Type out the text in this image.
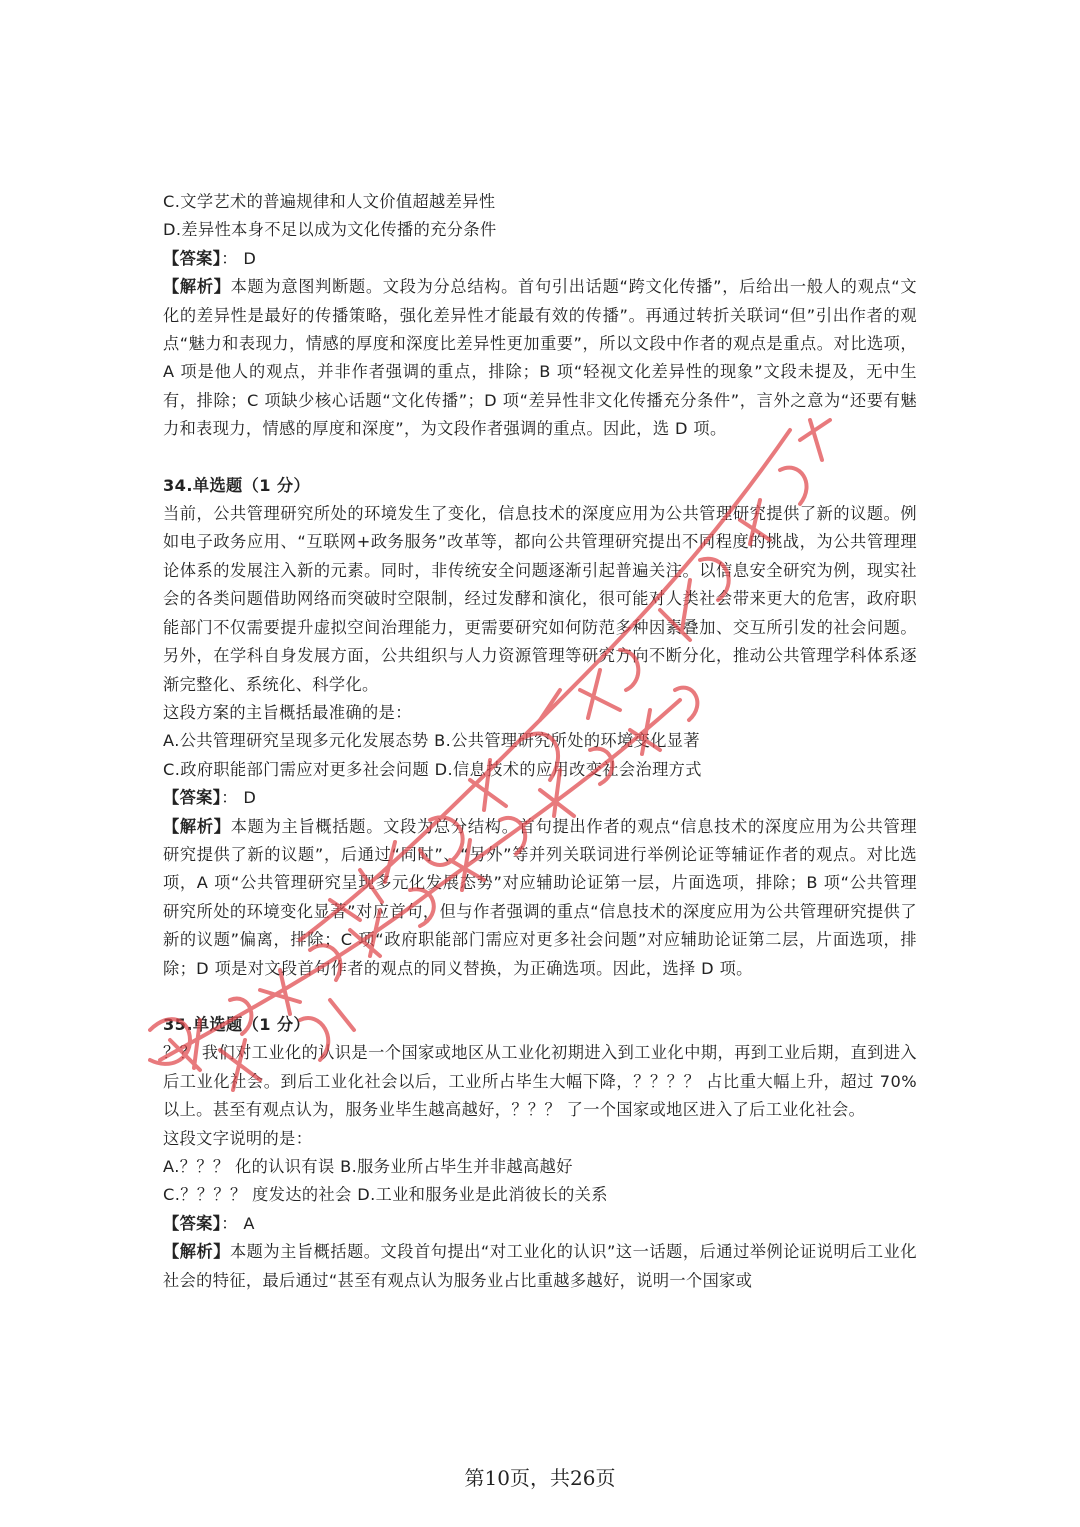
C.文学艺术的普遍规律和人文价值超越差异性
D.差异性本身不足以成为文化传播的充分条件
【答案】： D
【解析】本题为意图判断题。文段为分总结构。首句引出话题“跨文化传播”，后给出一般人的观点“文化的差异性是最好的传播策略，强化差异性才能最有效的传播”。再通过转折关联词“但”引出作者的观点“魅力和表现力，情感的厚度和深度比差异性更加重要”，所以文段中作者的观点是重点。对比选项，A 项是他人的观点，并非作者强调的重点，排除；B 项“轻视文化差异性的现象”文段未提及，无中生有，排除；C 项缺少核心话题“文化传播”；D 项“差异性非文化传播充分条件”，言外之意为“还要有魅力和表现力，情感的厚度和深度”，为文段作者强调的重点。因此，选 D 项。
34.单选题（1 分）
当前，公共管理研究所处的环境发生了变化，信息技术的深度应用为公共管理研究提供了新的议题。例如电子政务应用、“互联网+政务服务”改革等，都向公共管理研究提出不同程度的挑战，为公共管理理论体系的发展注入新的元素。同时，非传统安全问题逐渐引起普遍关注。以信息安全研究为例，现实社会的各类问题借助网络而突破时空限制，经过发酵和演化，很可能对人类社会带来更大的危害，政府职能部门不仅需要提升虚拟空间治理能力，更需要研究如何防范多种因素叠加、交互所引发的社会问题。另外，在学科自身发展方面，公共组织与人力资源管理等研究方向不断分化，推动公共管理学科体系逐渐完整化、系统化、科学化。
这段方案的主旨概括最准确的是：
A.公共管理研究呈现多元化发展态势 B.公共管理研究所处的环境变化显著
C.政府职能部门需应对更多社会问题 D.信息技术的应用改变社会治理方式
【答案】： D
【解析】本题为主旨概括题。文段为总分结构。首句提出作者的观点“信息技术的深度应用为公共管理研究提供了新的议题”，后通过“同时”、“另外”等并列关联词进行举例论证等辅证作者的观点。对比选项，A 项“公共管理研究呈现多元化发展态势”对应辅助论证第一层，片面选项，排除；B 项“公共管理研究所处的环境变化显著”对应首句，但与作者强调的重点“信息技术的深度应用为公共管理研究提供了新的议题”偏离，排除；C 项“政府职能部门需应对更多社会问题”对应辅助论证第二层，片面选项，排除；D 项是对文段首句作者的观点的同义替换，为正确选项。因此，选择 D 项。
35.单选题（1 分）
？？ 我们对工业化的认识是一个国家或地区从工业化初期进入到工业化中期，再到工业后期，直到进入后工业化社会。到后工业化社会以后，工业所占毕生大幅下降，？？？？ 占比重大幅上升，超过 70%以上。甚至有观点认为，服务业毕生越高越好，？？？ 了一个国家或地区进入了后工业化社会。
这段文字说明的是：
A.？？？ 化的认识有误 B.服务业所占毕生并非越高越好
C.？？？？ 度发达的社会 D.工业和服务业是此消彼长的关系
【答案】： A
【解析】本题为主旨概括题。文段首句提出“对工业化的认识”这一话题，后通过举例论证说明后工业化社会的特征，最后通过“甚至有观点认为服务业占比重越多越好，说明一个国家或
第10页，共26页
